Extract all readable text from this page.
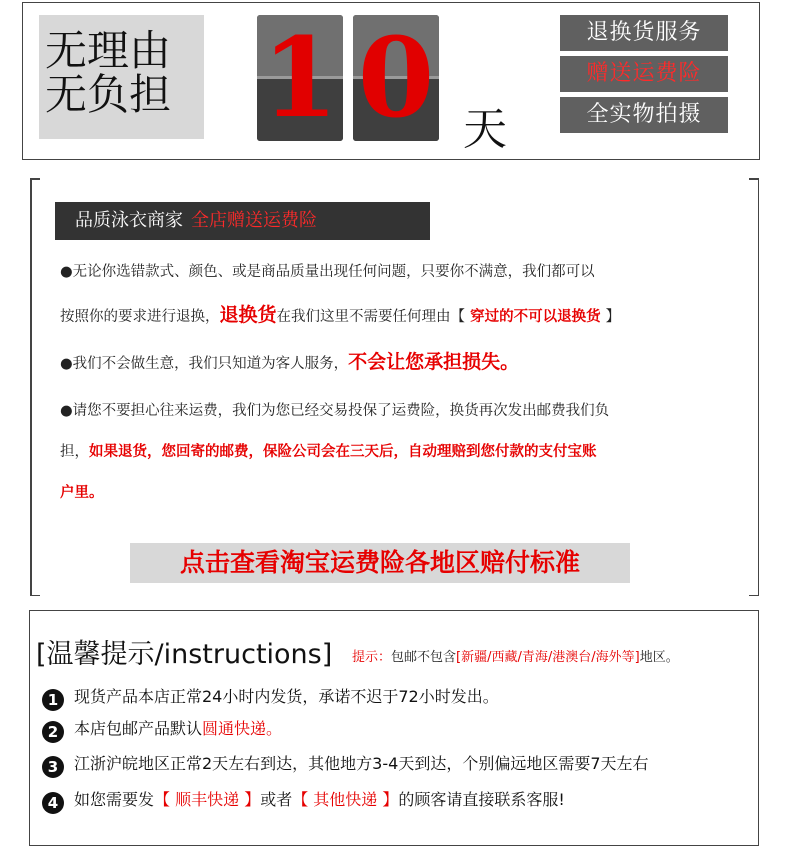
无理由
无负担 1 0 天
退换货服务
赠送运费险
全实物拍摄
品质泳衣商家 全店赠送运费险
●无论你选错款式、颜色、或是商品质量出现任何问题，只要你不满意，我们都可以
按照你的要求进行退换，退换货在我们这里不需要任何理由【 穿过的不可以退换货 】
●我们不会做生意，我们只知道为客人服务，不会让您承担损失。
●请您不要担心往来运费，我们为您已经交易投保了运费险，换货再次发出邮费我们负
担，如果退货，您回寄的邮费，保险公司会在三天后，自动理赔到您付款的支付宝账
户里。
点击查看淘宝运费险各地区赔付标准
[温馨提示/instructions] 提示：包邮不包含[新疆/西藏/青海/港澳台/海外等]地区。
1 现货产品本店正常24小时内发货，承诺不迟于72小时发出。
2 本店包邮产品默认圆通快递。
3 江浙沪皖地区正常2天左右到达，其他地方3-4天到达，个别偏远地区需要7天左右
4 如您需要发【 顺丰快递 】或者【 其他快递 】的顾客请直接联系客服!
